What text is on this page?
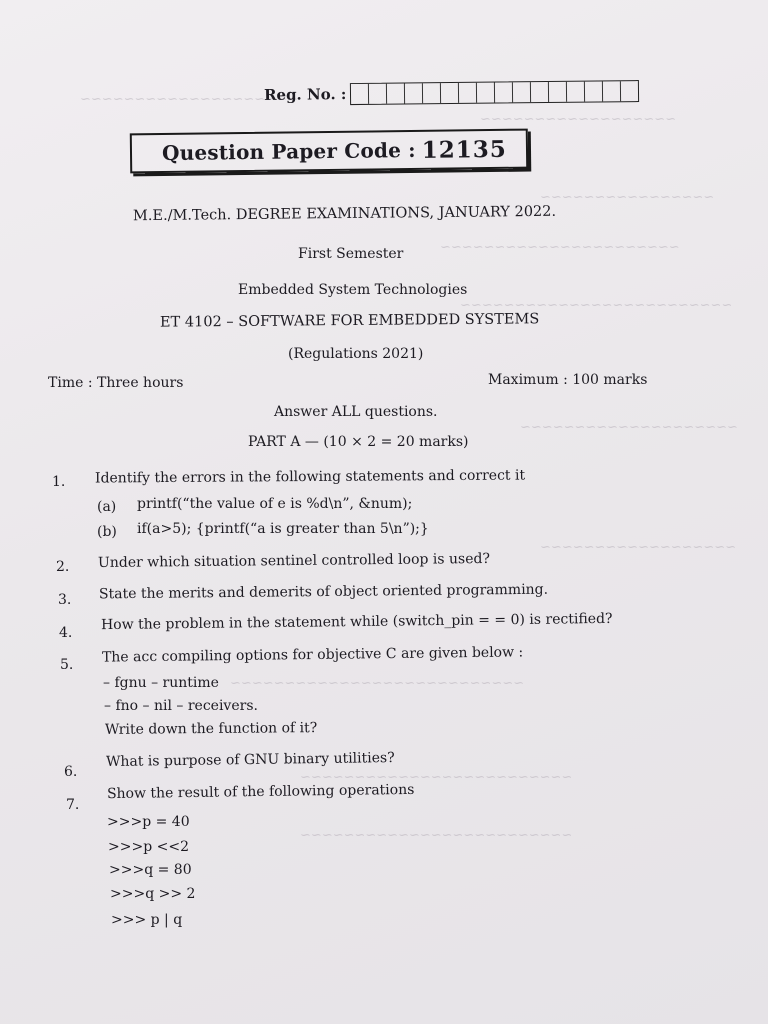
~~~~~~~~~~~~~~~~~~~~
~~~~~~~~~~~~~~~~~~
~~~~~~~~~~~~~~~~
~~~~~~~~~~~~~~~~~~~~~~
~~~~~~~~~~~~~~~~~~~~~~~~~
~~~~~~~~~~~~~~~~~~~~
~~~~~~~~~~~~~~~~~~
~~~~~~~~~~~~~~~~~~~~~~~~~~~
~~~~~~~~~~~~~~~~~~~~~~~~~
~~~~~~~~~~~~~~~~~~~~~~~~~
Reg. No. :
Question Paper Code : 12135
M.E./M.Tech. DEGREE EXAMINATIONS, JANUARY 2022.
First Semester
Embedded System Technologies
ET 4102 – SOFTWARE FOR EMBEDDED SYSTEMS
(Regulations 2021)
Time : Three hours	Maximum : 100 marks
Answer ALL questions.
PART A — (10 × 2 = 20 marks)
1. Identify the errors in the following statements and correct it
(a) printf(“the value of e is %d\n”, &num);
(b) if(a>5); {printf(“a is greater than 5\n”);}
2. Under which situation sentinel controlled loop is used?
3. State the merits and demerits of object oriented programming.
4. How the problem in the statement while (switch_pin = = 0) is rectified?
5. The acc compiling options for objective C are given below :
– fgnu – runtime
– fno – nil – receivers.
Write down the function of it?
6.
What is purpose of GNU binary utilities?
7.
Show the result of the following operations
>>>p = 40
>>>p <<2
>>>q = 80
>>>q >> 2
>>> p | q
